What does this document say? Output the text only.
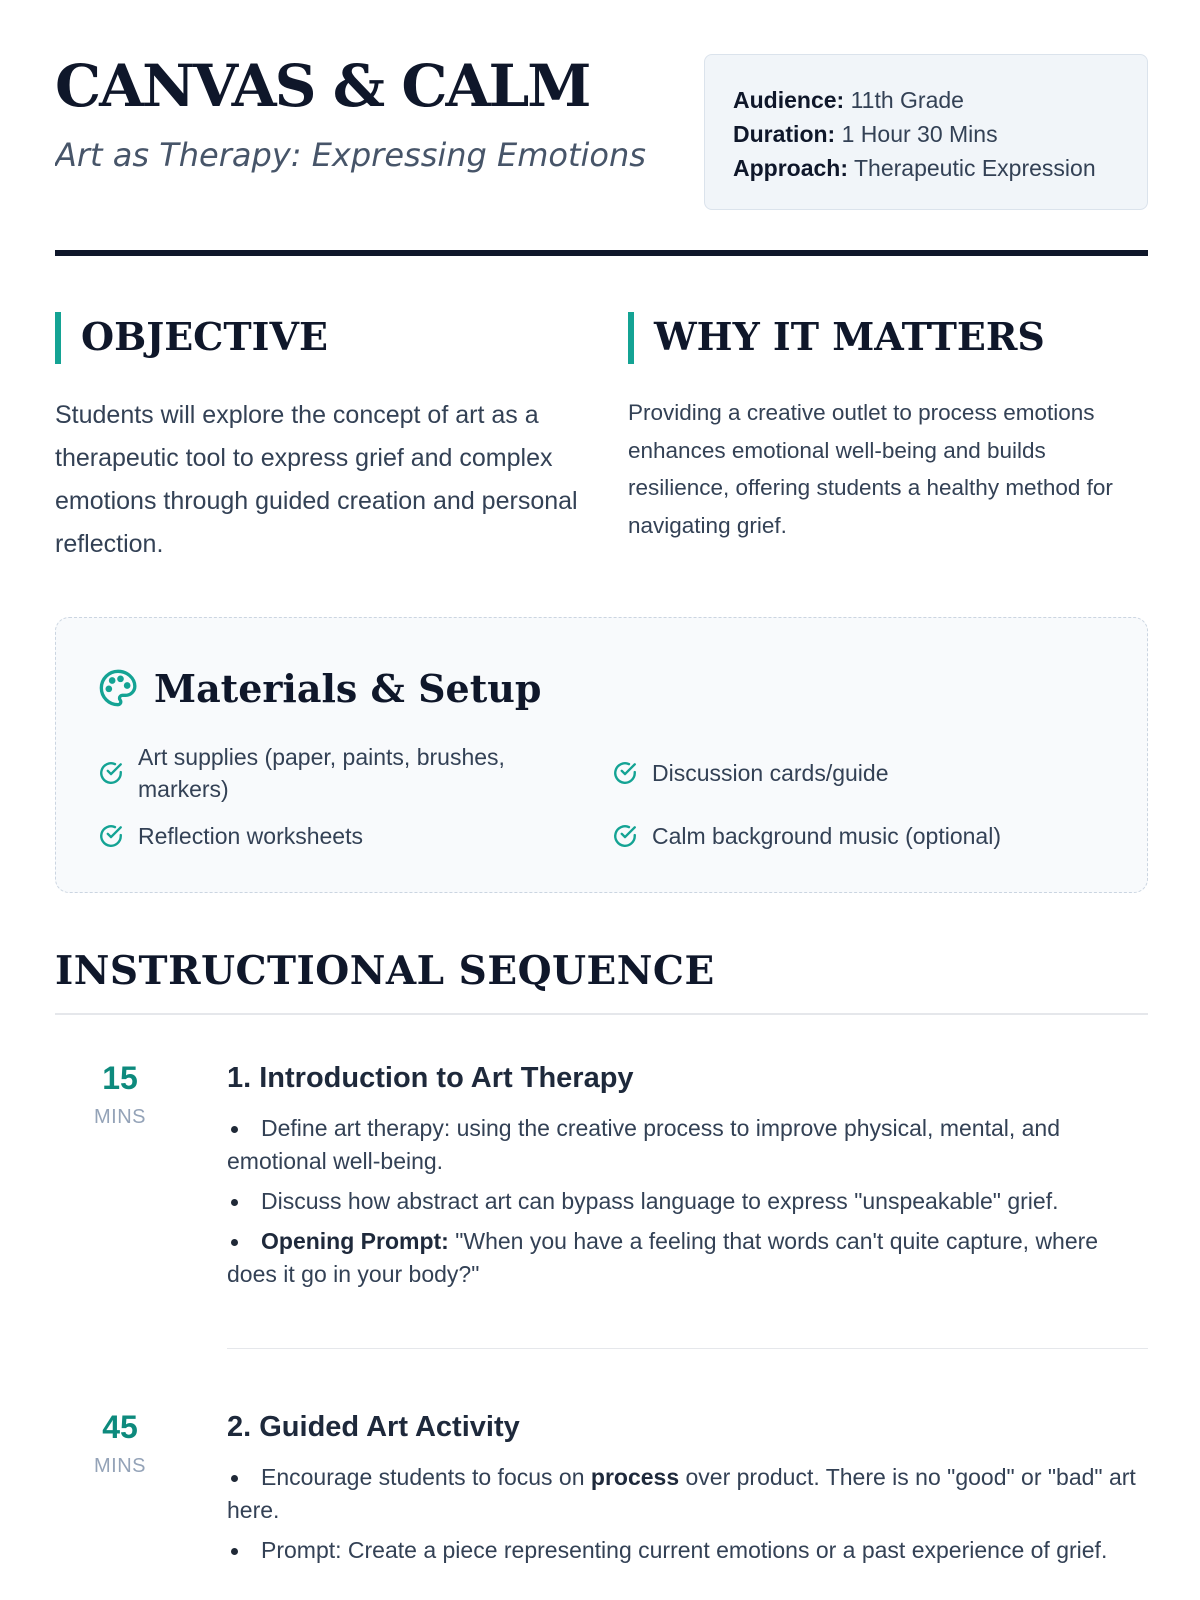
CANVAS & CALM
Art as Therapy: Expressing Emotions
Audience: 11th Grade
Duration: 1 Hour 30 Mins
Approach: Therapeutic Expression
OBJECTIVE

Students will explore the concept of art as a therapeutic tool to express grief and complex emotions through guided creation and personal reflection.

WHY IT MATTERS

Providing a creative outlet to process emotions enhances emotional well-being and builds resilience, offering students a healthy method for navigating grief.

Materials & Setup
Art supplies (paper, paints, brushes, markers)
Discussion cards/guide
Reflection worksheets	Calm background music (optional)
INSTRUCTIONAL SEQUENCE
15
MINS
1. Introduction to Art Therapy
Define art therapy: using the creative process to improve physical, mental, and emotional well-being.
Discuss how abstract art can bypass language to express "unspeakable" grief.
Opening Prompt: "When you have a feeling that words can't quite capture, where does it go in your body?"
45
MINS
2. Guided Art Activity
Encourage students to focus on process over product. There is no "good" or "bad" art here.
Prompt: Create a piece representing current emotions or a past experience of grief.
